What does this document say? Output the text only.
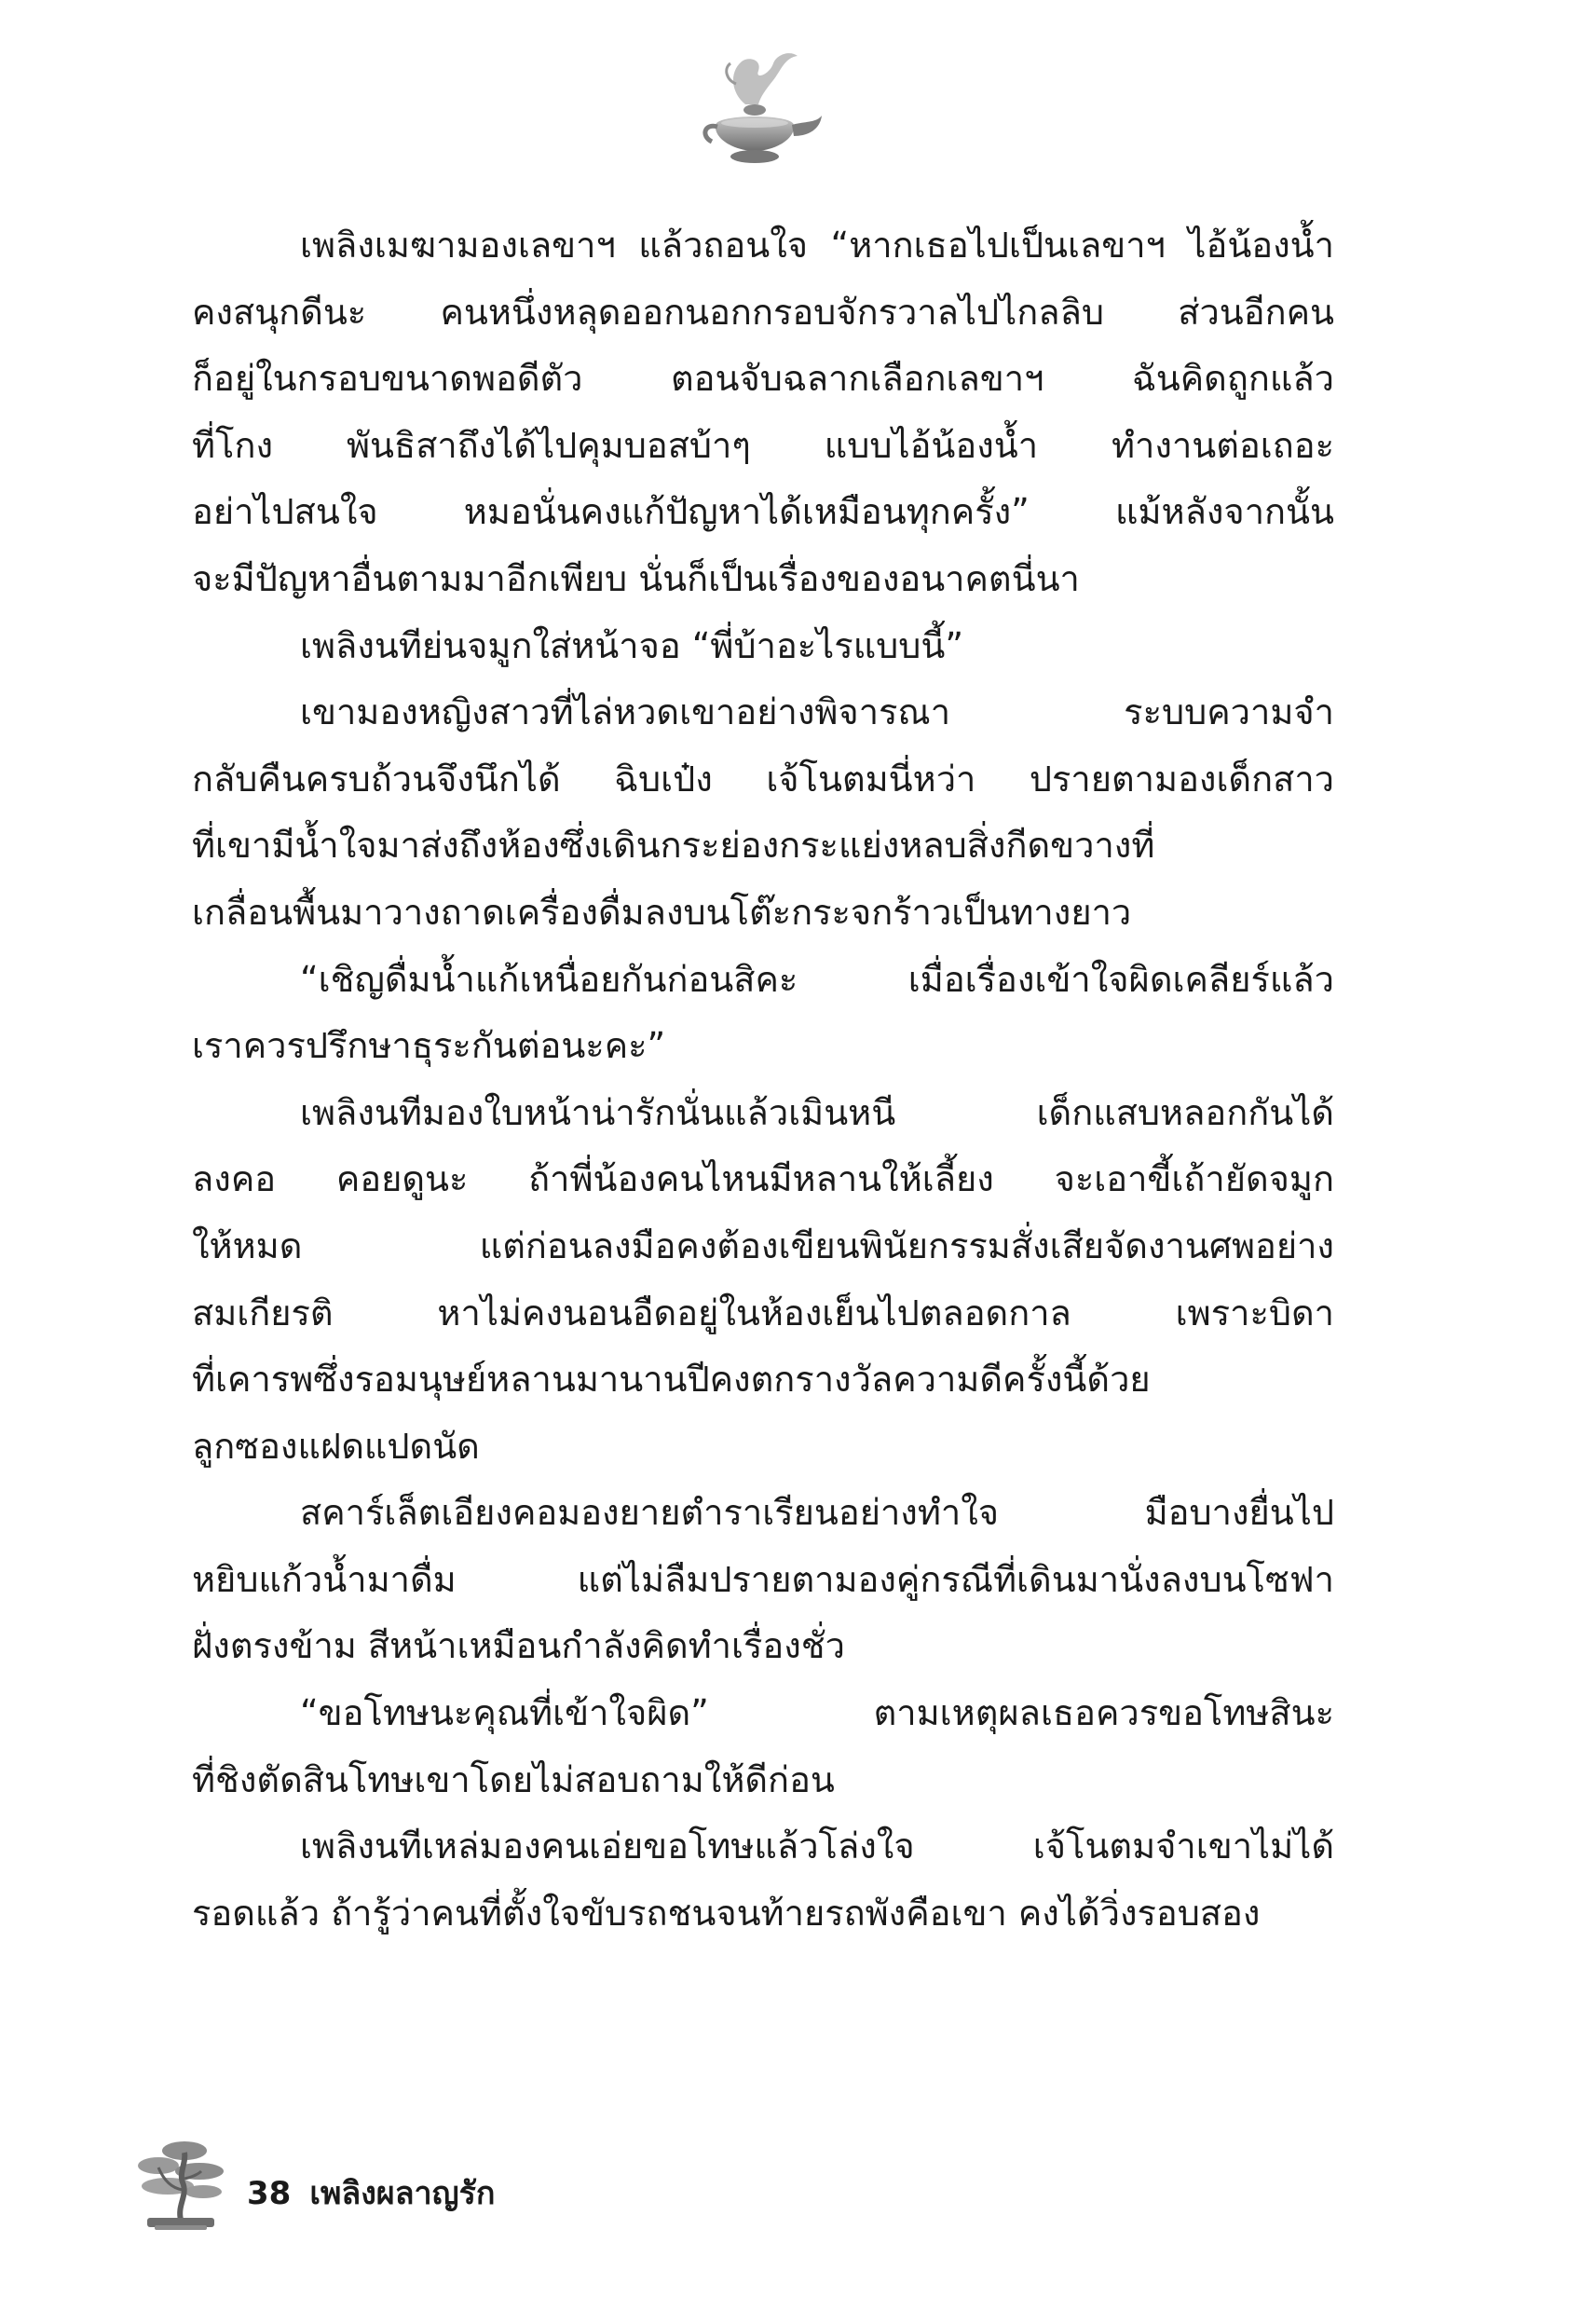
เพลิงเมฆามองเลขาฯ แล้วถอนใจ “หากเธอไปเป็นเลขาฯ ไอ้น้องน้ำ
คงสนุกดีนะ คนหนึ่งหลุดออกนอกกรอบจักรวาลไปไกลลิบ ส่วนอีกคน
ก็อยู่ในกรอบขนาดพอดีตัว ตอนจับฉลากเลือกเลขาฯ ฉันคิดถูกแล้ว
ที่โกง พันธิสาถึงได้ไปคุมบอสบ้าๆ แบบไอ้น้องน้ำ ทำงานต่อเถอะ
อย่าไปสนใจ หมอนั่นคงแก้ปัญหาได้เหมือนทุกครั้ง” แม้หลังจากนั้น
จะมีปัญหาอื่นตามมาอีกเพียบ นั่นก็เป็นเรื่องของอนาคตนี่นา
เพลิงนทีย่นจมูกใส่หน้าจอ “พี่บ้าอะไรแบบนี้”
เขามองหญิงสาวที่ไล่หวดเขาอย่างพิจารณา ระบบความจำ
กลับคืนครบถ้วนจึงนึกได้ ฉิบเป๋ง เจ้โนตมนี่หว่า ปรายตามองเด็กสาว
ที่เขามีน้ำใจมาส่งถึงห้องซึ่งเดินกระย่องกระแย่งหลบสิ่งกีดขวางที่
เกลื่อนพื้นมาวางถาดเครื่องดื่มลงบนโต๊ะกระจกร้าวเป็นทางยาว
“เชิญดื่มน้ำแก้เหนื่อยกันก่อนสิคะ เมื่อเรื่องเข้าใจผิดเคลียร์แล้ว
เราควรปรึกษาธุระกันต่อนะคะ”
เพลิงนทีมองใบหน้าน่ารักนั่นแล้วเมินหนี เด็กแสบหลอกกันได้
ลงคอ คอยดูนะ ถ้าพี่น้องคนไหนมีหลานให้เลี้ยง จะเอาขี้เถ้ายัดจมูก
ให้หมด แต่ก่อนลงมือคงต้องเขียนพินัยกรรมสั่งเสียจัดงานศพอย่าง
สมเกียรติ หาไม่คงนอนอืดอยู่ในห้องเย็นไปตลอดกาล เพราะบิดา
ที่เคารพซึ่งรอมนุษย์หลานมานานปีคงตกรางวัลความดีครั้งนี้ด้วย
ลูกซองแฝดแปดนัด
สคาร์เล็ตเอียงคอมองยายตำราเรียนอย่างทำใจ มือบางยื่นไป
หยิบแก้วน้ำมาดื่ม แต่ไม่ลืมปรายตามองคู่กรณีที่เดินมานั่งลงบนโซฟา
ฝั่งตรงข้าม สีหน้าเหมือนกำลังคิดทำเรื่องชั่ว
“ขอโทษนะคุณที่เข้าใจผิด” ตามเหตุผลเธอควรขอโทษสินะ
ที่ชิงตัดสินโทษเขาโดยไม่สอบถามให้ดีก่อน
เพลิงนทีเหล่มองคนเอ่ยขอโทษแล้วโล่งใจ เจ้โนตมจำเขาไม่ได้
รอดแล้ว ถ้ารู้ว่าคนที่ตั้งใจขับรถชนจนท้ายรถพังคือเขา คงได้วิ่งรอบสอง
38 เพลิงผลาญรัก
